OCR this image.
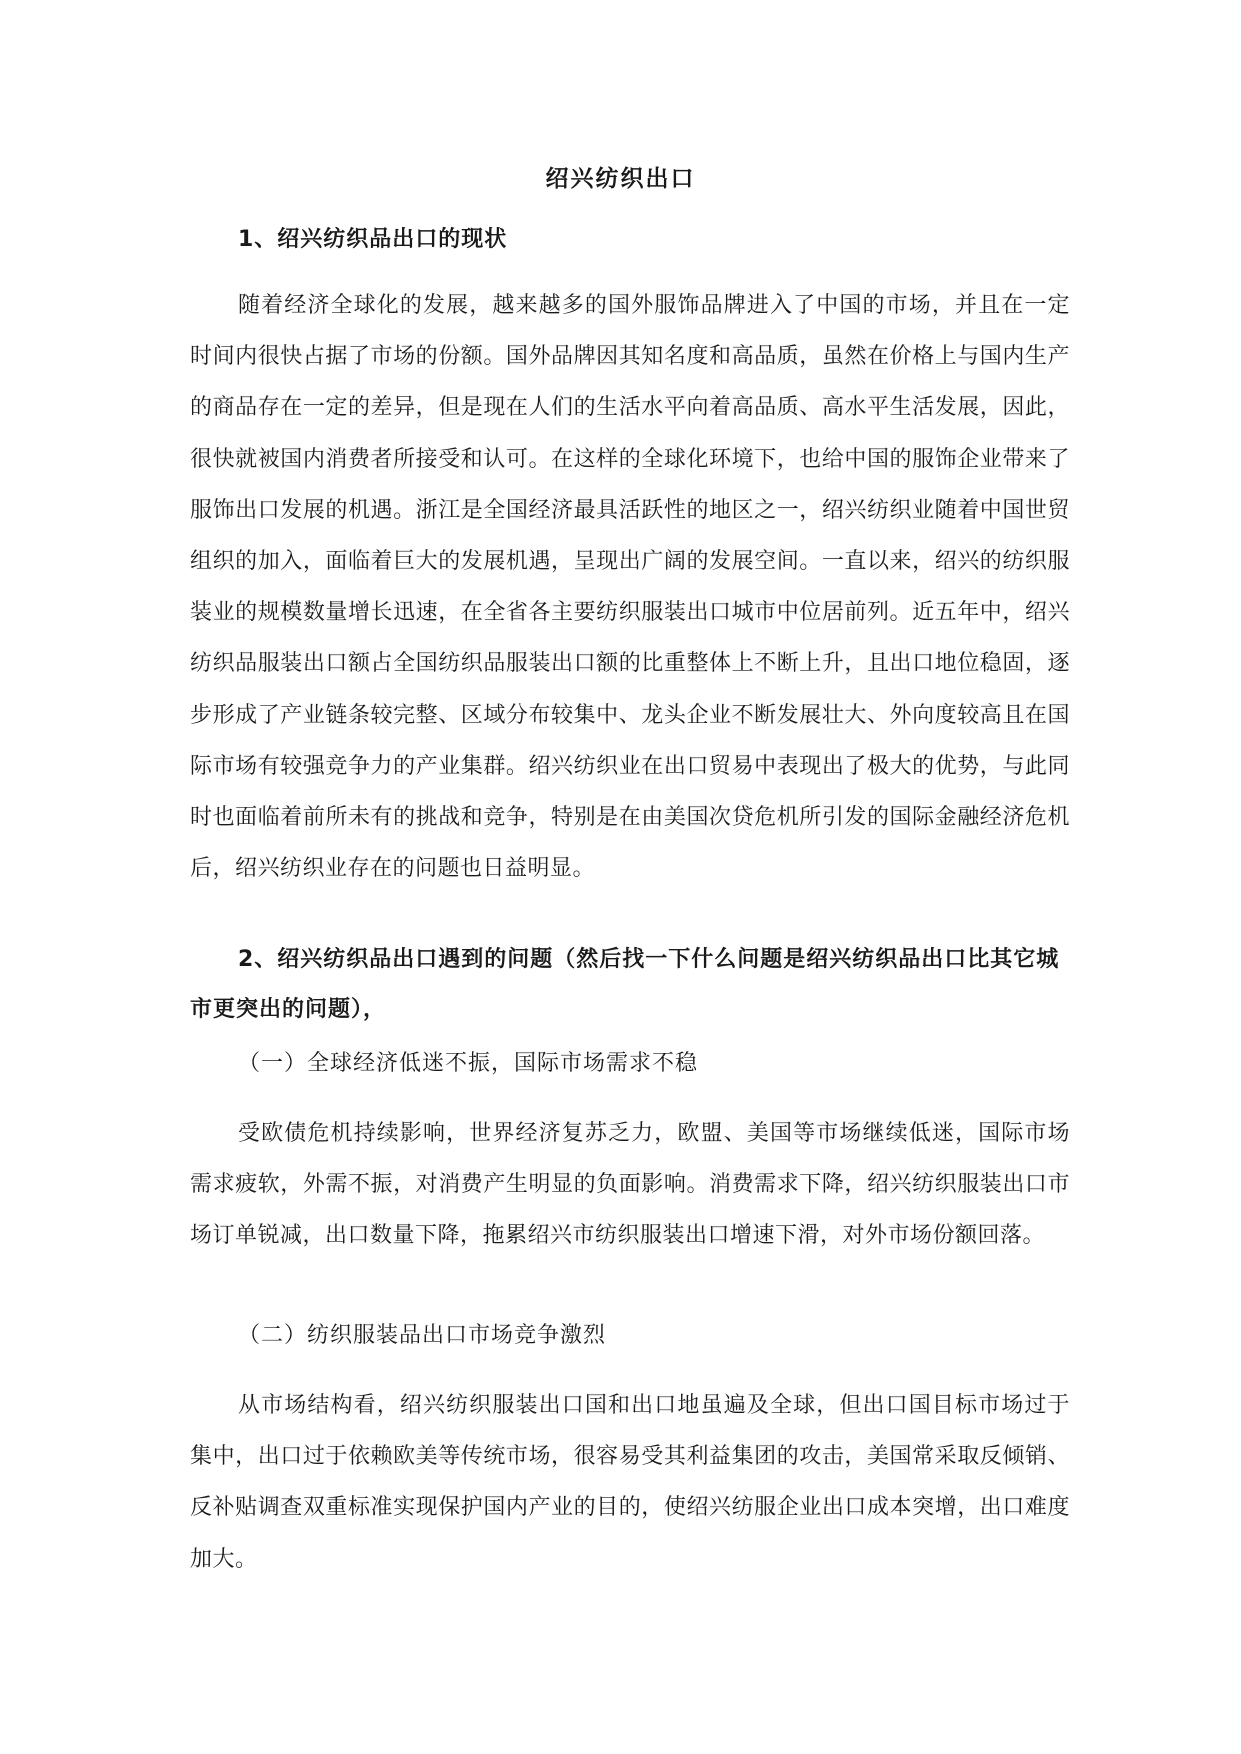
绍兴纺织出口
1、绍兴纺织品出口的现状

随着经济全球化的发展，越来越多的国外服饰品牌进入了中国的市场，并且在一定时间内很快占据了市场的份额。国外品牌因其知名度和高品质，虽然在价格上与国内生产的商品存在一定的差异，但是现在人们的生活水平向着高品质、高水平生活发展，因此，很快就被国内消费者所接受和认可。在这样的全球化环境下，也给中国的服饰企业带来了服饰出口发展的机遇。浙江是全国经济最具活跃性的地区之一，绍兴纺织业随着中国世贸组织的加入，面临着巨大的发展机遇，呈现出广阔的发展空间。一直以来，绍兴的纺织服装业的规模数量增长迅速，在全省各主要纺织服装出口城市中位居前列。近五年中，绍兴纺织品服装出口额占全国纺织品服装出口额的比重整体上不断上升，且出口地位稳固，逐步形成了产业链条较完整、区域分布较集中、龙头企业不断发展壮大、外向度较高且在国际市场有较强竞争力的产业集群。绍兴纺织业在出口贸易中表现出了极大的优势，与此同时也面临着前所未有的挑战和竞争，特别是在由美国次贷危机所引发的国际金融经济危机后，绍兴纺织业存在的问题也日益明显。

2、绍兴纺织品出口遇到的问题（然后找一下什么问题是绍兴纺织品出口比其它城市更突出的问题），

（一）全球经济低迷不振，国际市场需求不稳

受欧债危机持续影响，世界经济复苏乏力，欧盟、美国等市场继续低迷，国际市场需求疲软，外需不振，对消费产生明显的负面影响。消费需求下降，绍兴纺织服装出口市场订单锐减，出口数量下降，拖累绍兴市纺织服装出口增速下滑，对外市场份额回落。

（二）纺织服装品出口市场竞争激烈

从市场结构看，绍兴纺织服装出口国和出口地虽遍及全球，但出口国目标市场过于集中，出口过于依赖欧美等传统市场，很容易受其利益集团的攻击，美国常采取反倾销、反补贴调查双重标准实现保护国内产业的目的，使绍兴纺服企业出口成本突增，出口难度加大。
